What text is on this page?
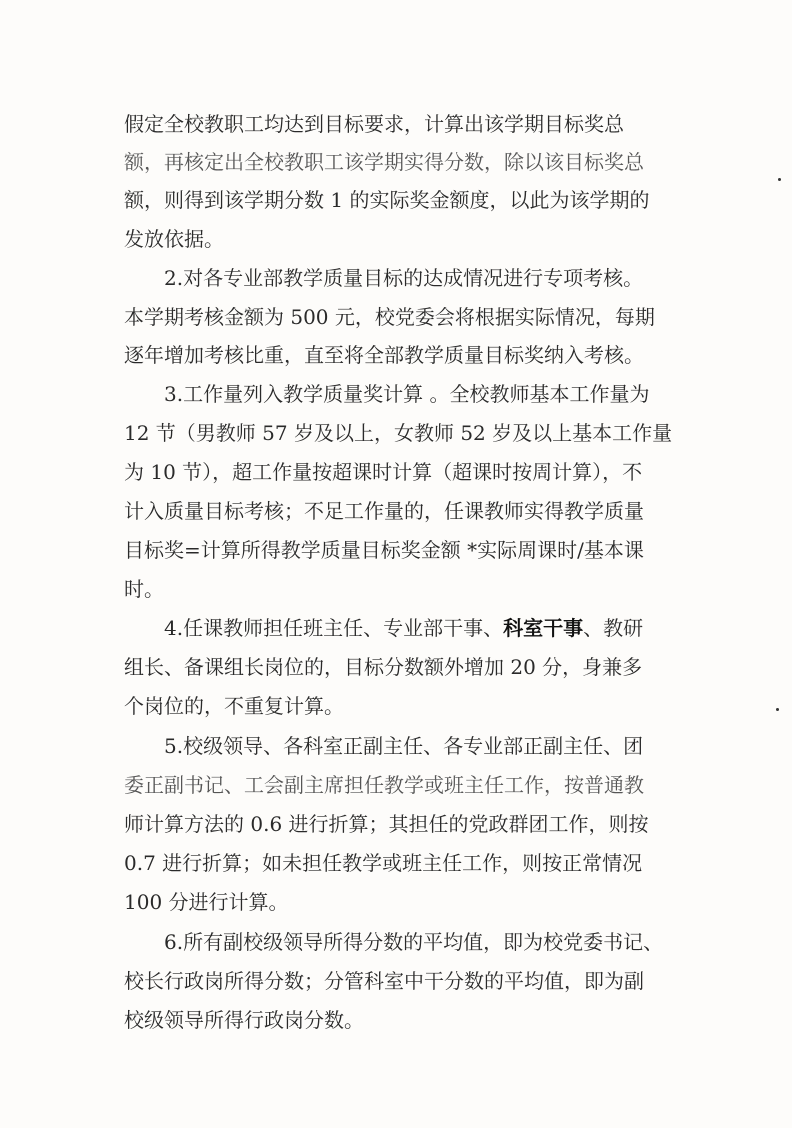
假定全校教职工均达到目标要求，计算出该学期目标奖总
额，再核定出全校教职工该学期实得分数，除以该目标奖总
额，则得到该学期分数 1 的实际奖金额度，以此为该学期的
发放依据。
2.对各专业部教学质量目标的达成情况进行专项考核。
本学期考核金额为 500 元，校党委会将根据实际情况，每期
逐年增加考核比重，直至将全部教学质量目标奖纳入考核。
3.工作量列入教学质量奖计算 。全校教师基本工作量为
12 节（男教师 57 岁及以上，女教师 52 岁及以上基本工作量
为 10 节），超工作量按超课时计算（超课时按周计算），不
计入质量目标考核；不足工作量的，任课教师实得教学质量
目标奖=计算所得教学质量目标奖金额 *实际周课时/基本课
时。
4.任课教师担任班主任、专业部干事、科室干事、教研
组长、备课组长岗位的，目标分数额外增加 20 分，身兼多
个岗位的，不重复计算。
5.校级领导、各科室正副主任、各专业部正副主任、团
委正副书记、工会副主席担任教学或班主任工作，按普通教
师计算方法的 0.6 进行折算；其担任的党政群团工作，则按
0.7 进行折算；如未担任教学或班主任工作，则按正常情况
100 分进行计算。
6.所有副校级领导所得分数的平均值，即为校党委书记、
校长行政岗所得分数；分管科室中干分数的平均值，即为副
校级领导所得行政岗分数。
